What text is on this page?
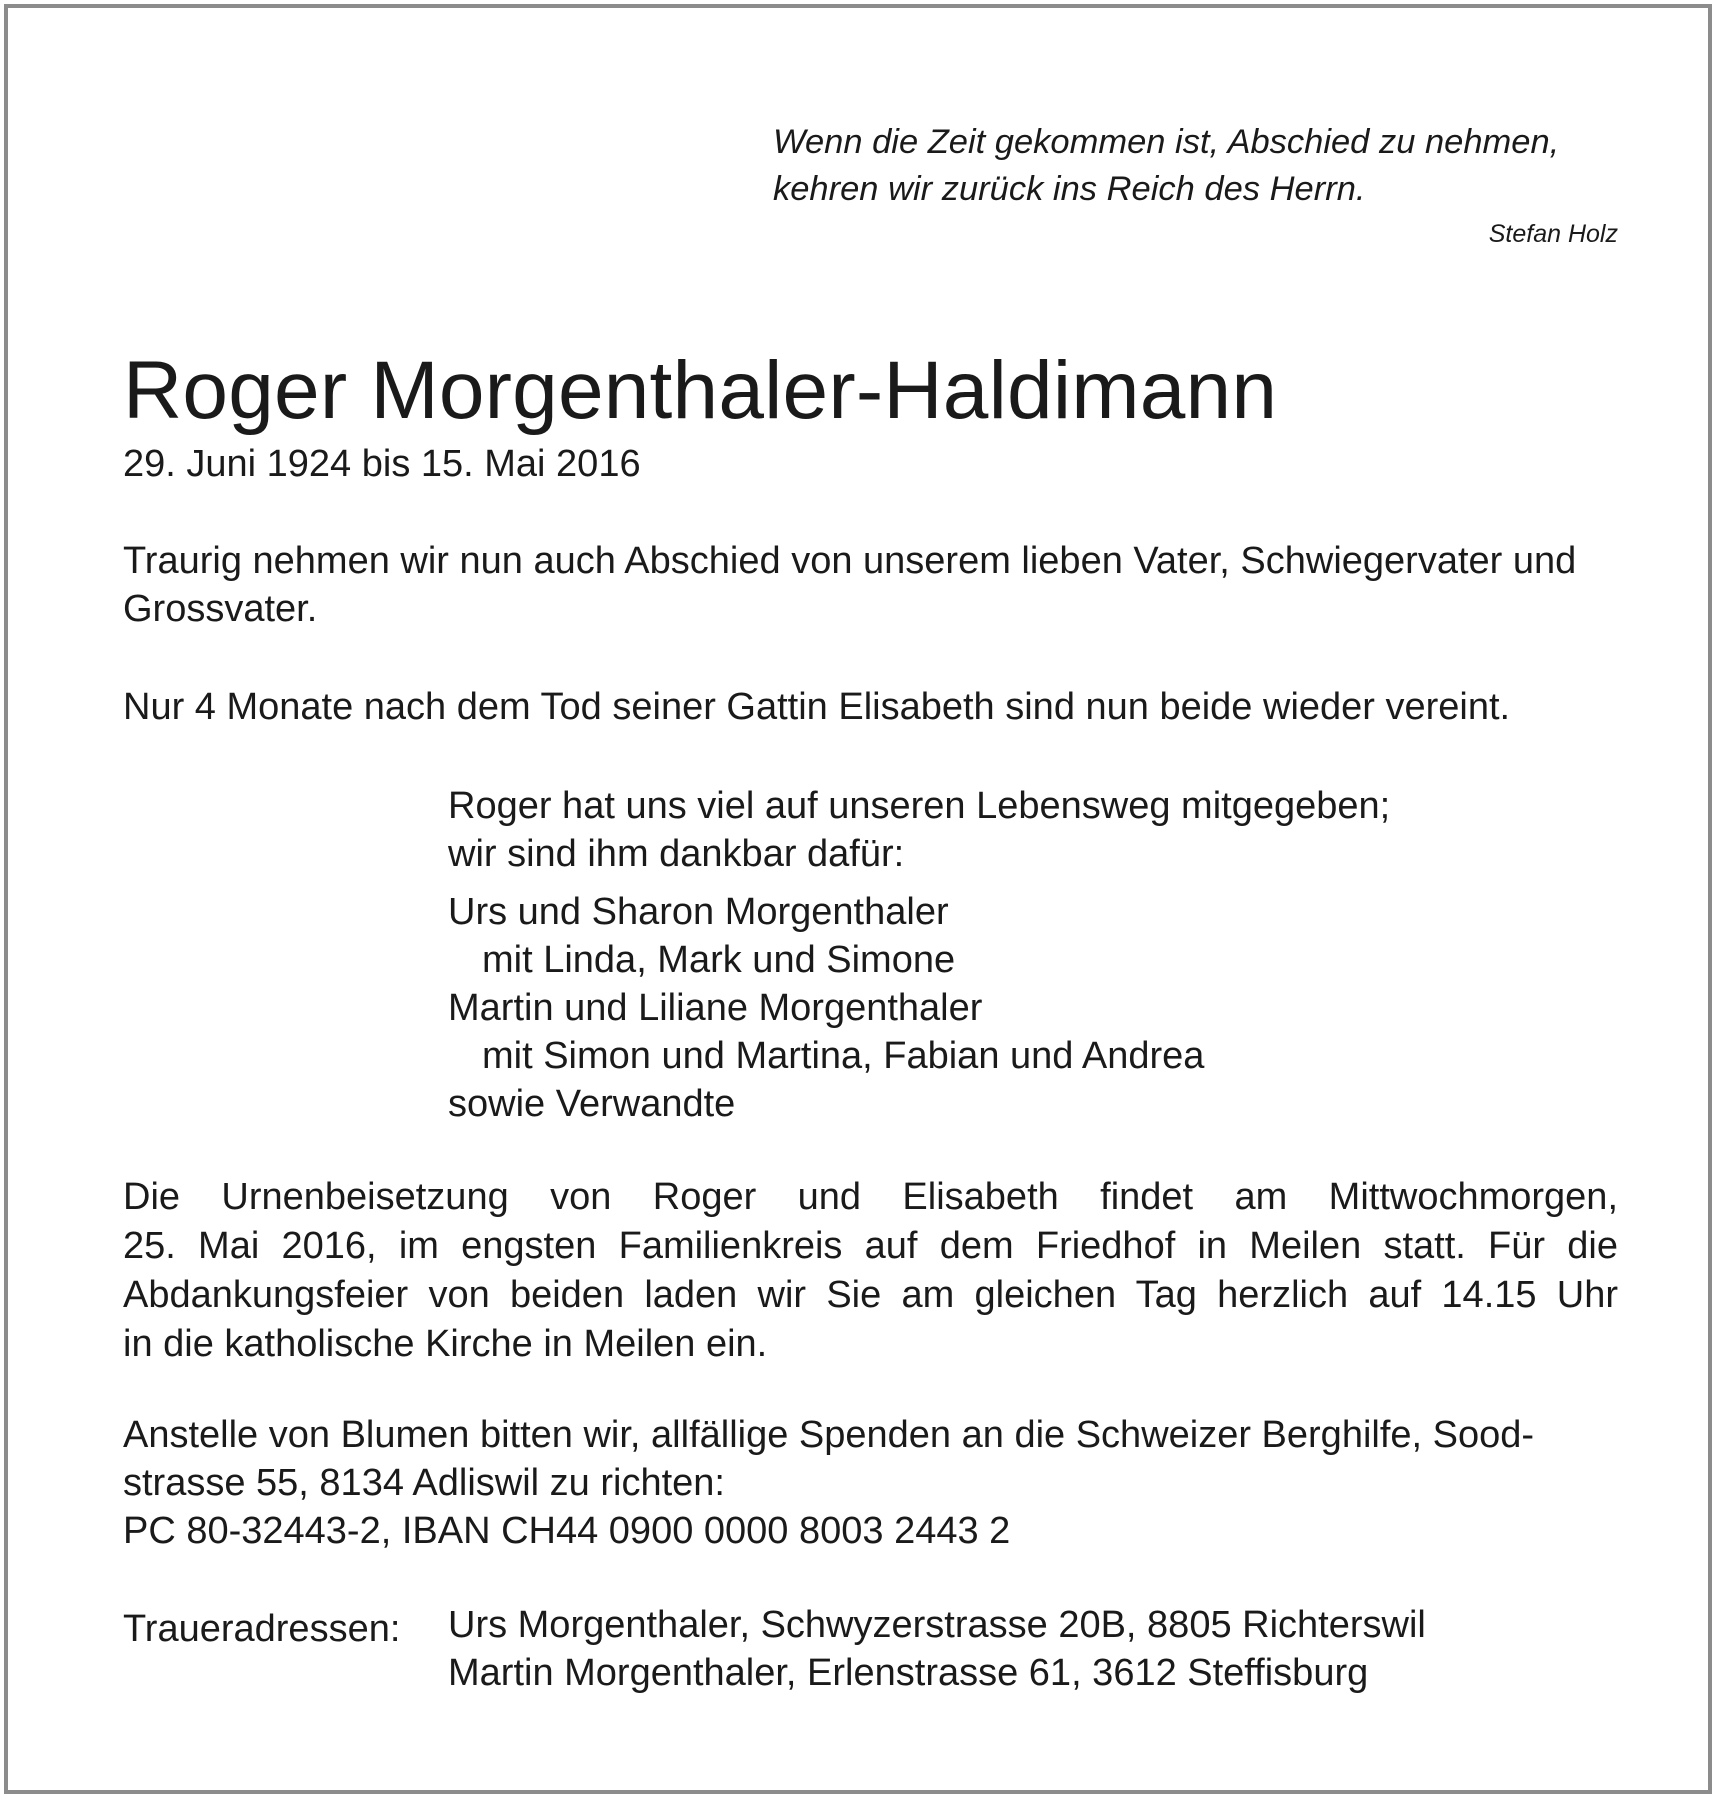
Wenn die Zeit gekommen ist, Abschied zu nehmen,
kehren wir zurück ins Reich des Herrn.
Stefan Holz
Roger Morgenthaler-Haldimann
29. Juni 1924 bis 15. Mai 2016
Traurig nehmen wir nun auch Abschied von unserem lieben Vater, Schwiegervater und Grossvater.
Nur 4 Monate nach dem Tod seiner Gattin Elisabeth sind nun beide wieder vereint.
Roger hat uns viel auf unseren Lebensweg mitgegeben;
wir sind ihm dankbar dafür:
Urs und Sharon Morgenthaler
mit Linda, Mark und Simone
Martin und Liliane Morgenthaler
mit Simon und Martina, Fabian und Andrea
sowie Verwandte
Die Urnenbeisetzung von Roger und Elisabeth findet am Mittwochmorgen,
25. Mai 2016, im engsten Familienkreis auf dem Friedhof in Meilen statt. Für die
Abdankungsfeier von beiden laden wir Sie am gleichen Tag herzlich auf 14.15 Uhr
in die katholische Kirche in Meilen ein.
Anstelle von Blumen bitten wir, allfällige Spenden an die Schweizer Berghilfe, Sood-
strasse 55, 8134 Adliswil zu richten:
PC 80-32443-2, IBAN CH44 0900 0000 8003 2443 2
Traueradressen: Urs Morgenthaler, Schwyzerstrasse 20B, 8805 Richterswil
Martin Morgenthaler, Erlenstrasse 61, 3612 Steffisburg
